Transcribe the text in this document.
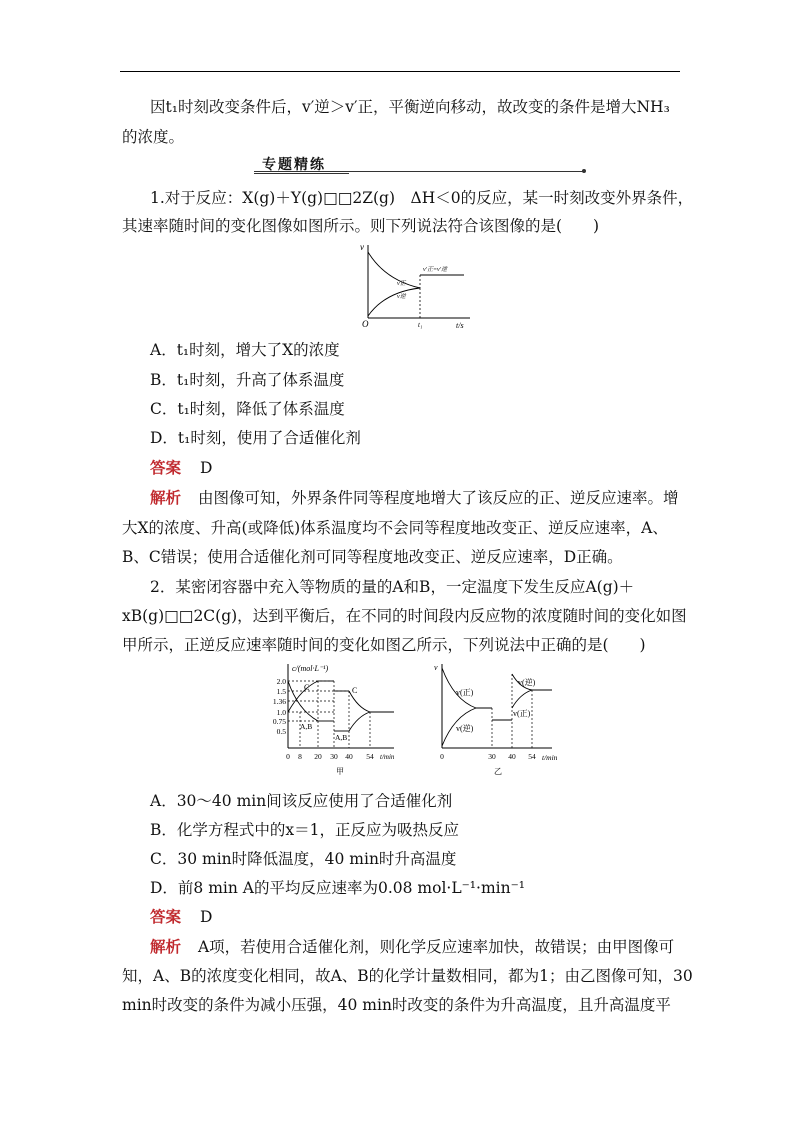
因t₁时刻改变条件后，v′逆＞v′正，平衡逆向移动，故改变的条件是增大NH₃
的浓度。
专题精练
1.对于反应：X(g)＋Y(g)□□2Z(g)　ΔH＜0的反应，某一时刻改变外界条件，
其速率随时间的变化图像如图所示。则下列说法符合该图像的是(　　)
v
O	t/s
t₁
v正
v逆
v′正=v′逆
A．t₁时刻，增大了X的浓度
B．t₁时刻，升高了体系温度
C．t₁时刻，降低了体系温度
D．t₁时刻，使用了合适催化剂
答案 D
解析 由图像可知，外界条件同等程度地增大了该反应的正、逆反应速率。增
大X的浓度、升高(或降低)体系温度均不会同等程度地改变正、逆反应速率，A、
B、C错误；使用合适催化剂可同等程度地改变正、逆反应速率，D正确。
2．某密闭容器中充入等物质的量的A和B，一定温度下发生反应A(g)＋
xB(g)□□2C(g)，达到平衡后，在不同的时间段内反应物的浓度随时间的变化如图
甲所示，正逆反应速率随时间的变化如图乙所示，下列说法中正确的是(　　)
c/(mol·L⁻¹)
t/min
2.0
1.5
1.36
1.0
0.75
0.5
0 8 20 30 40 54
C	C
A,B
A,B
甲
v
t/min
0	30 40 54
v(正)
v(逆)
v(逆)
v(正)
乙
A．30～40 min间该反应使用了合适催化剂
B．化学方程式中的x＝1，正反应为吸热反应
C．30 min时降低温度，40 min时升高温度
D．前8 min A的平均反应速率为0.08 mol·L⁻¹·min⁻¹
答案 D
解析 A项，若使用合适催化剂，则化学反应速率加快，故错误；由甲图像可
知，A、B的浓度变化相同，故A、B的化学计量数相同，都为1；由乙图像可知，30
min时改变的条件为减小压强，40 min时改变的条件为升高温度，且升高温度平
